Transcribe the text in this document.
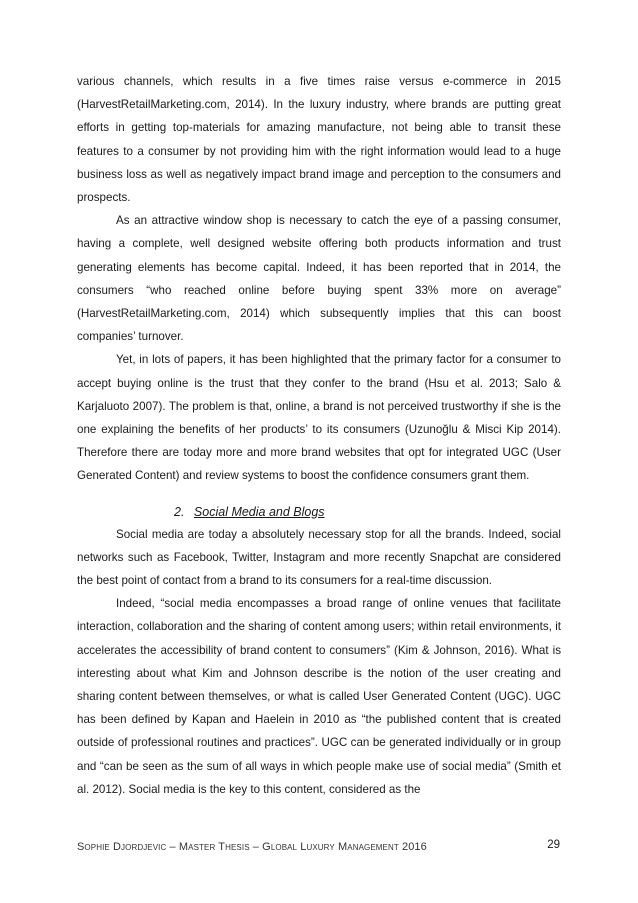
various channels, which results in a five times raise versus e-commerce in 2015 (HarvestRetailMarketing.com, 2014). In the luxury industry, where brands are putting great efforts in getting top-materials for amazing manufacture, not being able to transit these features to a consumer by not providing him with the right information would lead to a huge business loss as well as negatively impact brand image and perception to the consumers and prospects.

As an attractive window shop is necessary to catch the eye of a passing consumer, having a complete, well designed website offering both products information and trust generating elements has become capital. Indeed, it has been reported that in 2014, the consumers “who reached online before buying spent 33% more on average” (HarvestRetailMarketing.com, 2014) which subsequently implies that this can boost companies’ turnover.

Yet, in lots of papers, it has been highlighted that the primary factor for a consumer to accept buying online is the trust that they confer to the brand (Hsu et al. 2013; Salo & Karjaluoto 2007). The problem is that, online, a brand is not perceived trustworthy if she is the one explaining the benefits of her products’ to its consumers (Uzunoğlu & Misci Kip 2014). Therefore there are today more and more brand websites that opt for integrated UGC (User Generated Content) and review systems to boost the confidence consumers grant them.

2. Social Media and Blogs

Social media are today a absolutely necessary stop for all the brands. Indeed, social networks such as Facebook, Twitter, Instagram and more recently Snapchat are considered the best point of contact from a brand to its consumers for a real-time discussion.

Indeed, “social media encompasses a broad range of online venues that facilitate interaction, collaboration and the sharing of content among users; within retail environments, it accelerates the accessibility of brand content to consumers” (Kim & Johnson, 2016). What is interesting about what Kim and Johnson describe is the notion of the user creating and sharing content between themselves, or what is called User Generated Content (UGC). UGC has been defined by Kapan and Haelein in 2010 as “the published content that is created outside of professional routines and practices”. UGC can be generated individually or in group and “can be seen as the sum of all ways in which people make use of social media” (Smith et al. 2012). Social media is the key to this content, considered as the

Sophie Djordjevic – Master Thesis – Global Luxury Management 2016	29
